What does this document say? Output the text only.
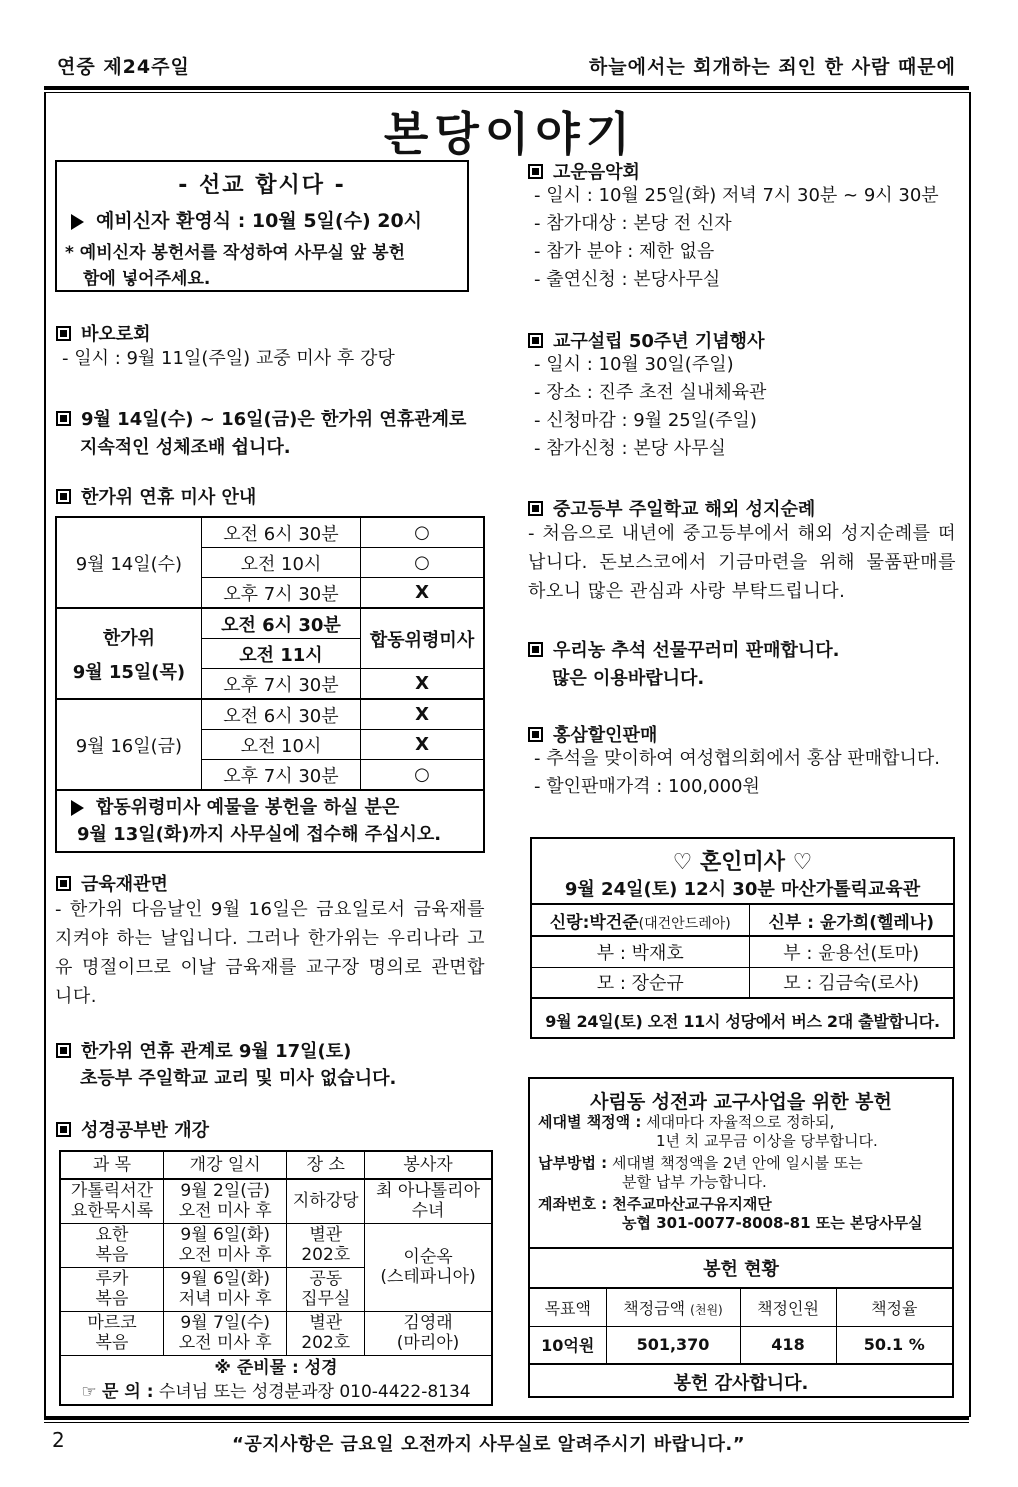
연중 제24주일	하늘에서는 회개하는 죄인 한 사람 때문에
본당이야기
- 선교 합시다 -
예비신자 환영식 : 10월 5일(수) 20시
* 예비신자 봉헌서를 작성하여 사무실 앞 봉헌
함에 넣어주세요.
바오로회
- 일시 : 9월 11일(주일) 교중 미사 후 강당
9월 14일(수) ~ 16일(금)은 한가위 연휴관계로
지속적인 성체조배 쉽니다.
한가위 연휴 미사 안내
9월 14일(수)	오전 6시 30분	○
	오전 10시	○
	오후 7시 30분	X

한가위
9월 15일(목)	오전 6시 30분	합동위령미사
	오전 11시	
	오후 7시 30분	X
9월 16일(금)	오전 6시 30분	X
	오전 10시	X
	오후 7시 30분	○
합동위령미사 예물을 봉헌을 하실 분은
9월 13일(화)까지 사무실에 접수해 주십시오.		
금육재관면

- 한가위 다음날인 9월 16일은 금요일로서 금육재를 지켜야 하는 날입니다. 그러나 한가위는 우리나라 고유 명절이므로 이날 금육재를 교구장 명의로 관면합니다.

한가위 연휴 관계로 9월 17일(토)
초등부 주일학교 교리 및 미사 없습니다.
성경공부반 개강
과 목	개강 일시	장 소	봉사자
가톨릭서간
요한묵시록	9월 2일(금)
오전 미사 후	지하강당	최 아나톨리아
수녀
요한
복음	9월 6일(화)
오전 미사 후	별관
202호	이순옥
(스테파니아)
루카
복음	9월 6일(화)
저녁 미사 후	공동
집무실	
마르코
복음	9월 7일(수)
오전 미사 후	별관
202호	김영래
(마리아)

※ 준비물 : 성경
☞ 문 의 : 수녀님 또는 성경분과장 010-4422-8134			
고운음악회
- 일시 : 10월 25일(화) 저녁 7시 30분 ~ 9시 30분
- 참가대상 : 본당 전 신자
- 참가 분야 : 제한 없음
- 출연신청 : 본당사무실
교구설립 50주년 기념행사
- 일시 : 10월 30일(주일)
- 장소 : 진주 초전 실내체육관
- 신청마감 : 9월 25일(주일)
- 참가신청 : 본당 사무실
중고등부 주일학교 해외 성지순례

- 처음으로 내년에 중고등부에서 해외 성지순례를 떠납니다. 돈보스코에서 기금마련을 위해 물품판매를 하오니 많은 관심과 사랑 부탁드립니다.

우리농 추석 선물꾸러미 판매합니다.
많은 이용바랍니다.
홍삼할인판매
- 추석을 맞이하여 여성협의회에서 홍삼 판매합니다.
- 할인판매가격 : 100,000원
♡ 혼인미사 ♡
9월 24일(토) 12시 30분 마산가톨릭교육관
신랑:박건준(대건안드레아)	신부 : 윤가희(헬레나)
부 : 박재호	부 : 윤용선(토마)
모 : 장순규	모 : 김금숙(로사)
9월 24일(토) 오전 11시 성당에서 버스 2대 출발합니다.
사림동 성전과 교구사업을 위한 봉헌
세대별 책정액 : 세대마다 자율적으로 정하되,
1년 치 교무금 이상을 당부합니다.
납부방법 : 세대별 책정액을 2년 안에 일시불 또는
분할 납부 가능합니다.
계좌번호 : 천주교마산교구유지재단
농협 301-0077-8008-81 또는 본당사무실
봉헌 현황			
목표액	책정금액 (천원)	책정인원	책정율
10억원	501,370	418	50.1 %
봉헌 감사합니다.
2	“공지사항은 금요일 오전까지 사무실로 알려주시기 바랍니다.”
